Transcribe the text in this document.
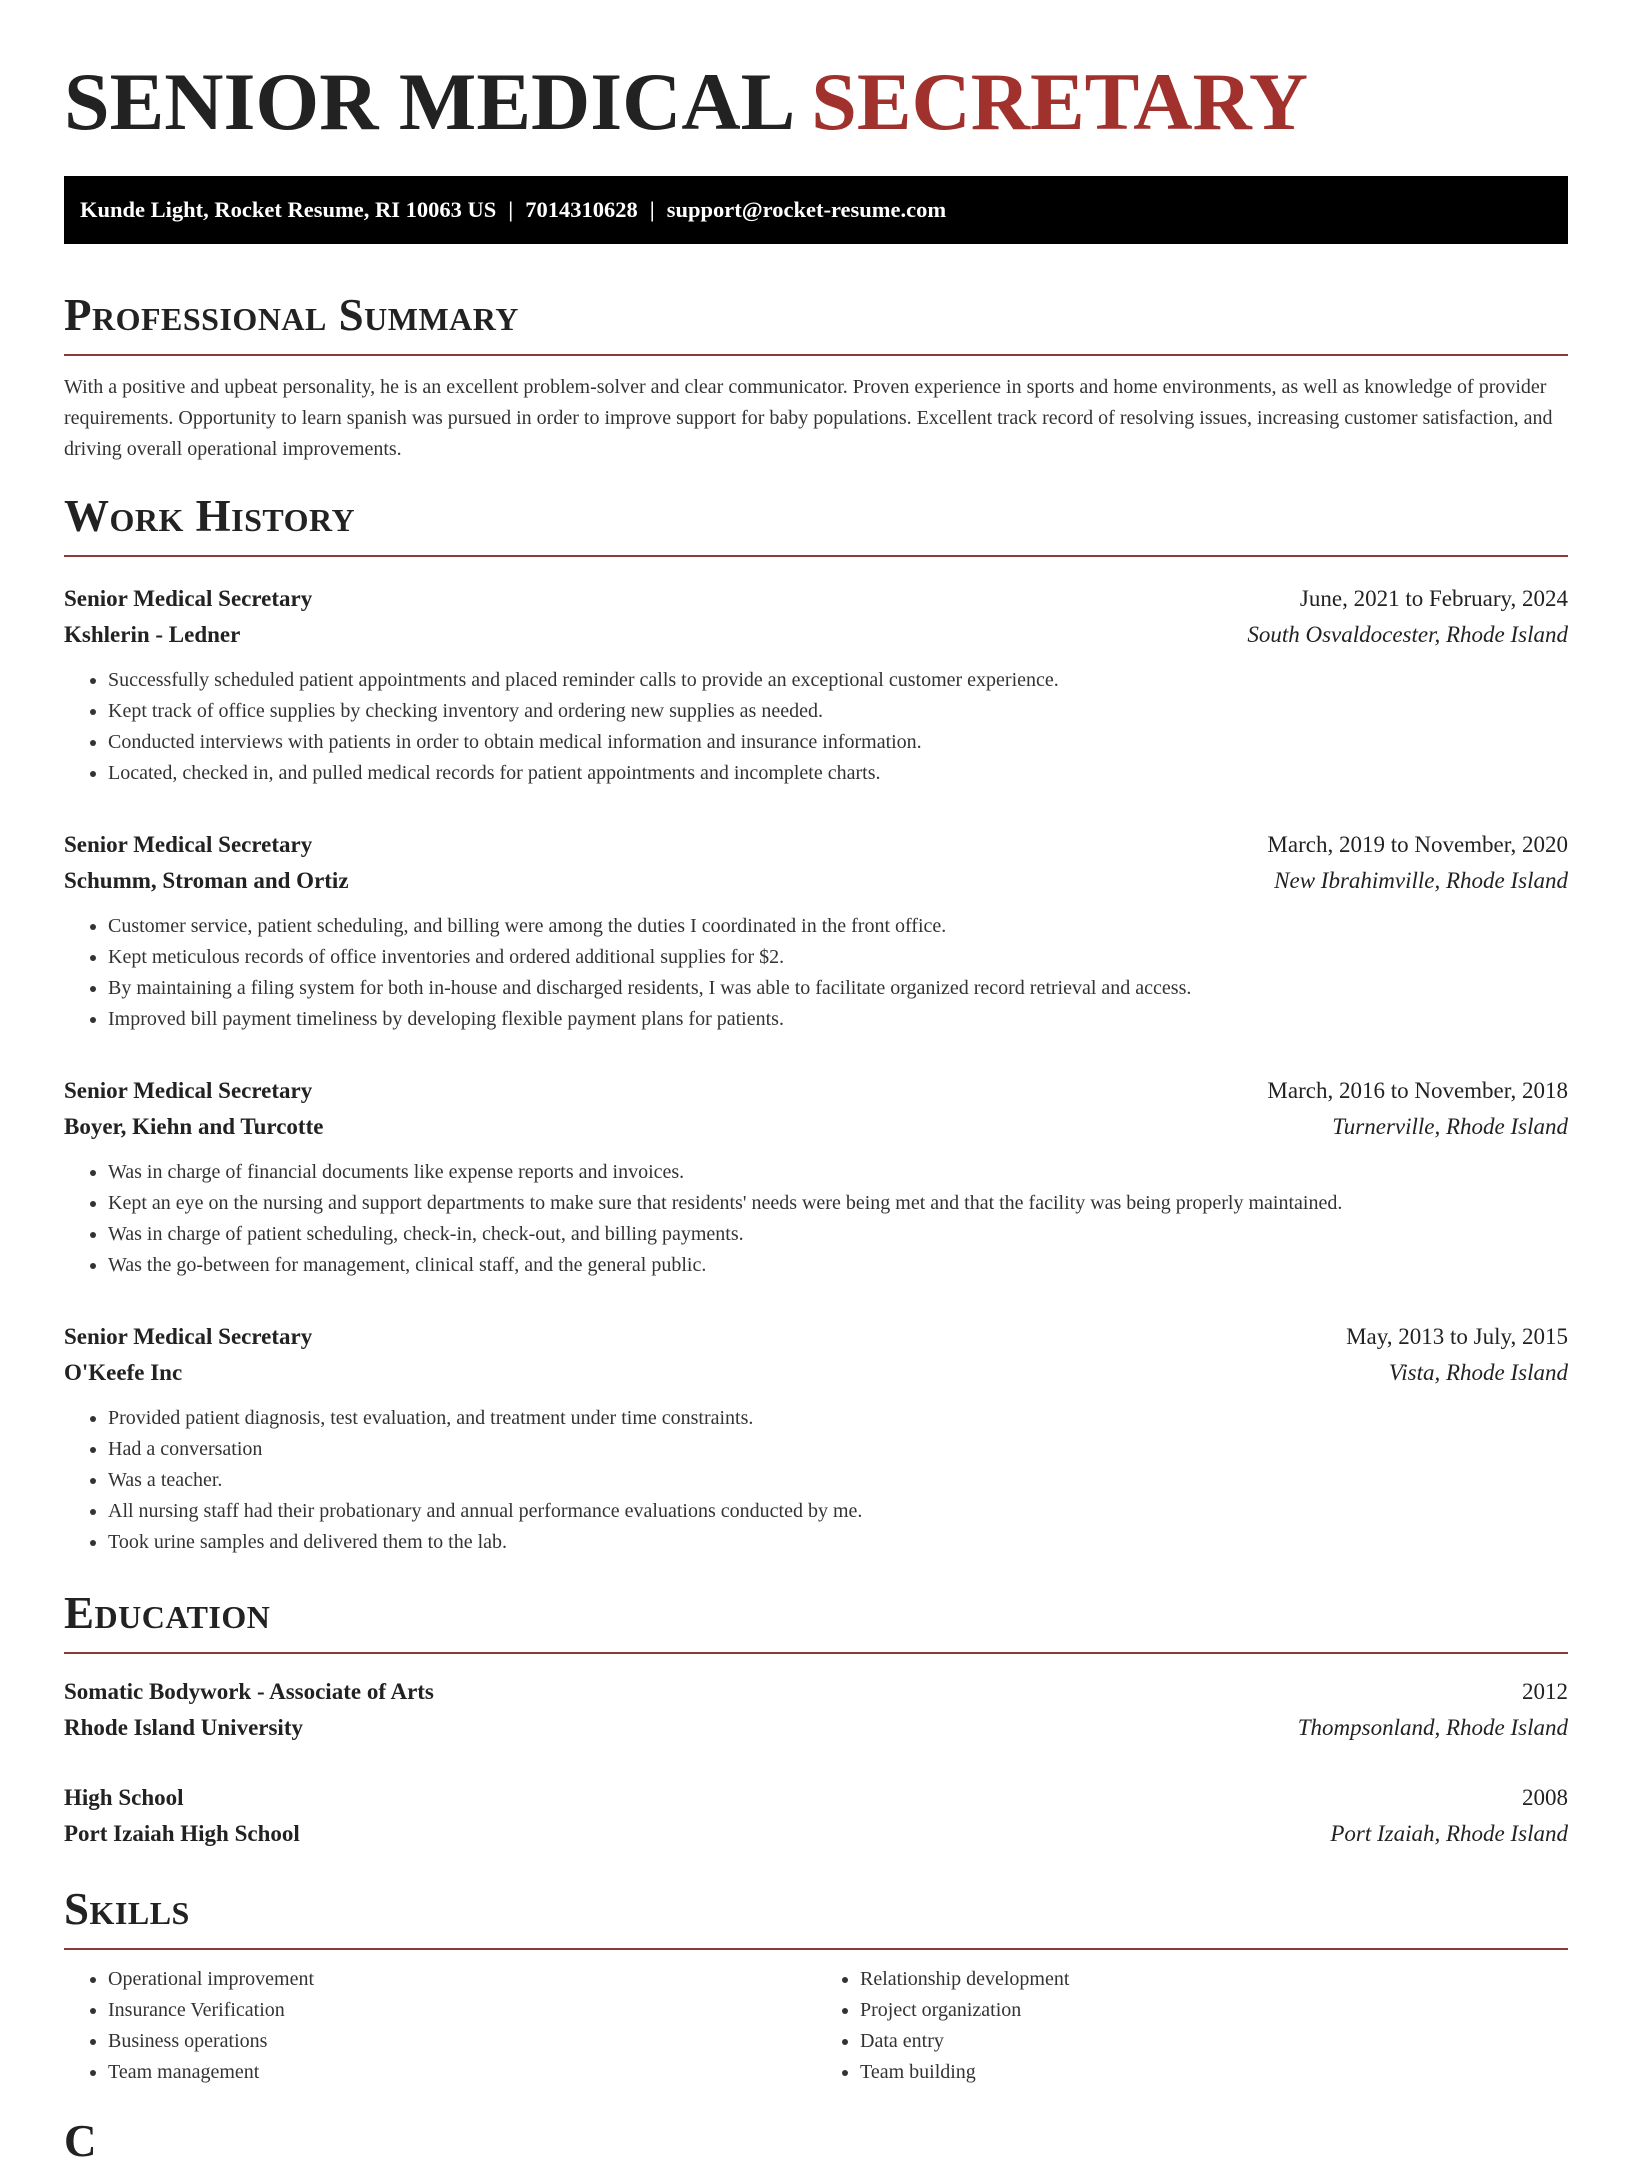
SENIOR MEDICAL SECRETARY
Kunde Light, Rocket Resume, RI 10063 US | 7014310628 | support@rocket-resume.com
Professional Summary

With a positive and upbeat personality, he is an excellent problem-solver and clear communicator. Proven experience in sports and home environments, as well as knowledge of provider requirements. Opportunity to learn spanish was pursued in order to improve support for baby populations. Excellent track record of resolving issues, increasing customer satisfaction, and driving overall operational improvements.

Work History
Senior Medical Secretary	June, 2021 to February, 2024
Kshlerin - Ledner	South Osvaldocester, Rhode Island
• Successfully scheduled patient appointments and placed reminder calls to provide an exceptional customer experience.
• Kept track of office supplies by checking inventory and ordering new supplies as needed.
• Conducted interviews with patients in order to obtain medical information and insurance information.
• Located, checked in, and pulled medical records for patient appointments and incomplete charts.
Senior Medical Secretary	March, 2019 to November, 2020
Schumm, Stroman and Ortiz	New Ibrahimville, Rhode Island
• Customer service, patient scheduling, and billing were among the duties I coordinated in the front office.
• Kept meticulous records of office inventories and ordered additional supplies for $2.
• By maintaining a filing system for both in-house and discharged residents, I was able to facilitate organized record retrieval and access.
• Improved bill payment timeliness by developing flexible payment plans for patients.
Senior Medical Secretary	March, 2016 to November, 2018
Boyer, Kiehn and Turcotte	Turnerville, Rhode Island
• Was in charge of financial documents like expense reports and invoices.
• Kept an eye on the nursing and support departments to make sure that residents' needs were being met and that the facility was being properly maintained.
• Was in charge of patient scheduling, check-in, check-out, and billing payments.
• Was the go-between for management, clinical staff, and the general public.
Senior Medical Secretary	May, 2013 to July, 2015
O'Keefe Inc	Vista, Rhode Island
• Provided patient diagnosis, test evaluation, and treatment under time constraints.
• Had a conversation
• Was a teacher.
• All nursing staff had their probationary and annual performance evaluations conducted by me.
• Took urine samples and delivered them to the lab.
Education
Somatic Bodywork - Associate of Arts	2012
Rhode Island University	Thompsonland, Rhode Island
High School	2008
Port Izaiah High School	Port Izaiah, Rhode Island
Skills
• Operational improvement
• Insurance Verification
• Business operations
• Team management
• Relationship development
• Project organization
• Data entry
• Team building
C
